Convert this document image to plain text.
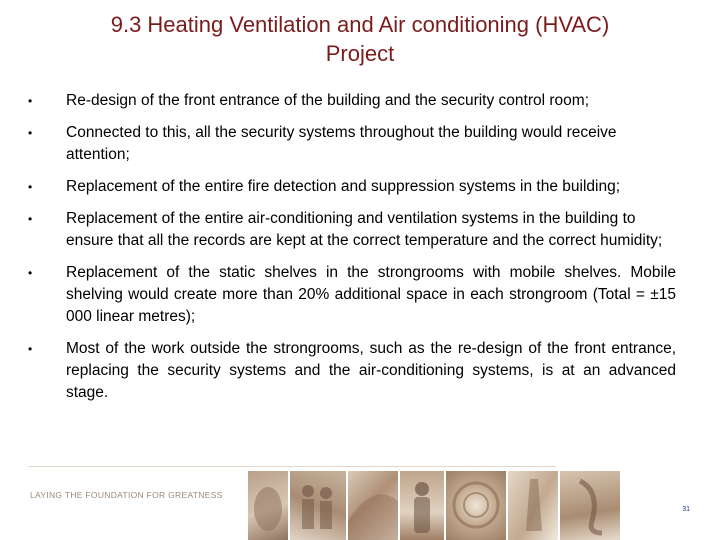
9.3 Heating Ventilation and Air conditioning (HVAC)
Project
•	Re-design of the front entrance of the building and the security control room;
•	Connected to this, all the security systems throughout the building would receive attention;
•	Replacement of the entire fire detection and suppression systems in the building;
•	Replacement of the entire air-conditioning and ventilation systems in the building to ensure that all the records are kept at the correct temperature and the correct humidity;
•	Replacement of the static shelves in the strongrooms with mobile shelves. Mobile shelving would create more than 20% additional space in each strongroom (Total = ±15 000 linear metres);
•	Most of the work outside the strongrooms, such as the re-design of the front entrance, replacing the security systems and the air-conditioning systems, is at an advanced stage.
LAYING THE FOUNDATION FOR GREATNESS
31
